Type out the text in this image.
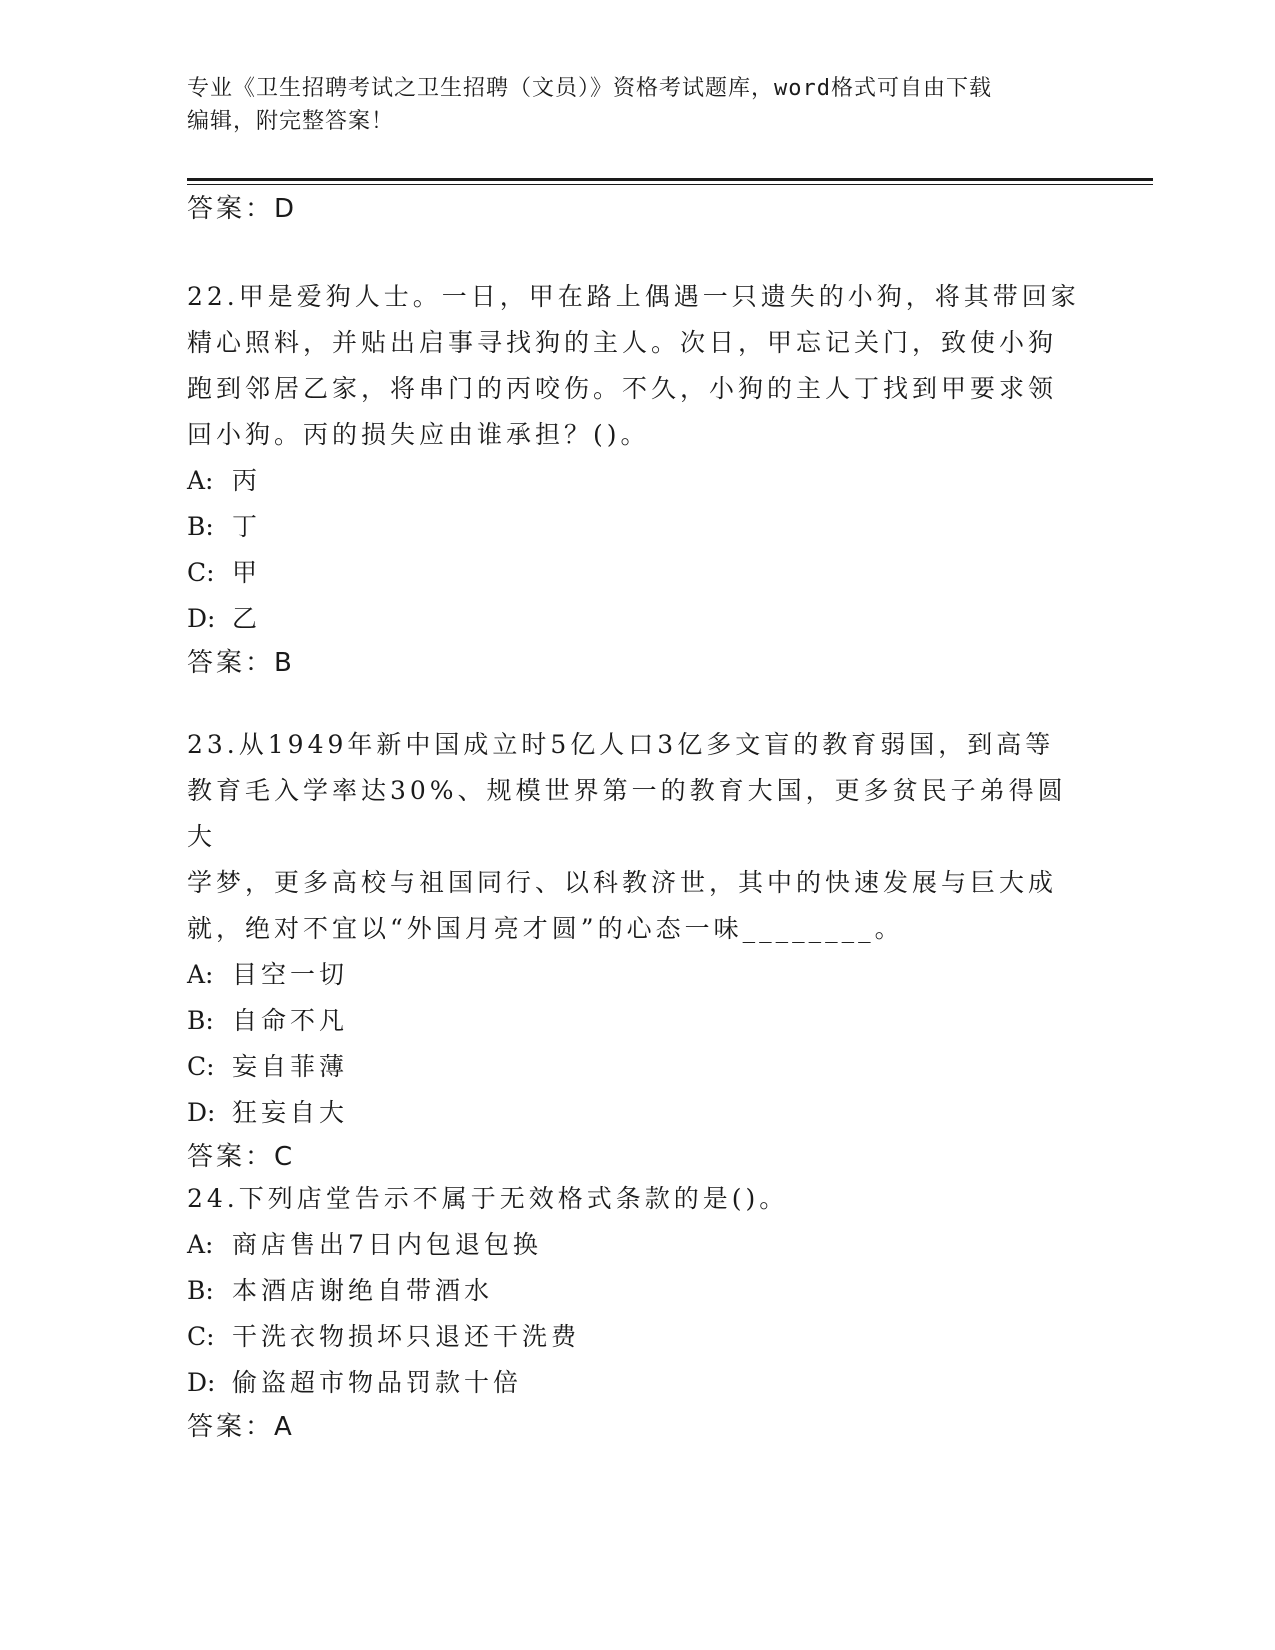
专业《卫生招聘考试之卫生招聘（文员）》资格考试题库，word格式可自由下载
编辑，附完整答案！
答案：D

22.甲是爱狗人士。一日，甲在路上偶遇一只遗失的小狗，将其带回家
精心照料，并贴出启事寻找狗的主人。次日，甲忘记关门，致使小狗
跑到邻居乙家，将串门的丙咬伤。不久，小狗的主人丁找到甲要求领
回小狗。丙的损失应由谁承担？()。

A: 丙
B: 丁
C: 甲
D: 乙
答案：B

23.从1949年新中国成立时5亿人口3亿多文盲的教育弱国，到高等
教育毛入学率达30%、规模世界第一的教育大国，更多贫民子弟得圆大
学梦，更多高校与祖国同行、以科教济世，其中的快速发展与巨大成
就，绝对不宜以“外国月亮才圆”的心态一味________。

A: 目空一切
B: 自命不凡
C: 妄自菲薄
D: 狂妄自大
答案：C

24.下列店堂告示不属于无效格式条款的是()。

A: 商店售出7日内包退包换
B: 本酒店谢绝自带酒水
C: 干洗衣物损坏只退还干洗费
D: 偷盗超市物品罚款十倍
答案：A
